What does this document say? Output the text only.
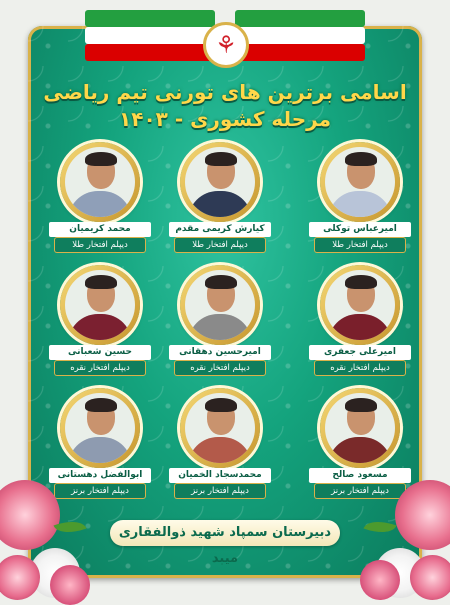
⚘
اسامی برترین های تورنی تیم ریاضی
مرحله کشوری - ۱۴۰۳
امیرعباس توکلی
دیپلم افتخار طلا
کیارش کریمی مقدم
دیپلم افتخار طلا
محمد کریمیان
دیپلم افتخار طلا
امیرعلی جعفری
دیپلم افتخار نقره
امیرحسین دهقانی
دیپلم افتخار نقره
حسین شعبانی
دیپلم افتخار نقره
مسعود صالح
دیپلم افتخار برنز
محمدسجاد الخمیان
دیپلم افتخار برنز
ابوالفضل دهستانی
دیپلم افتخار برنز
دبیرستان سمپاد شهید ذوالفقاری میبد
